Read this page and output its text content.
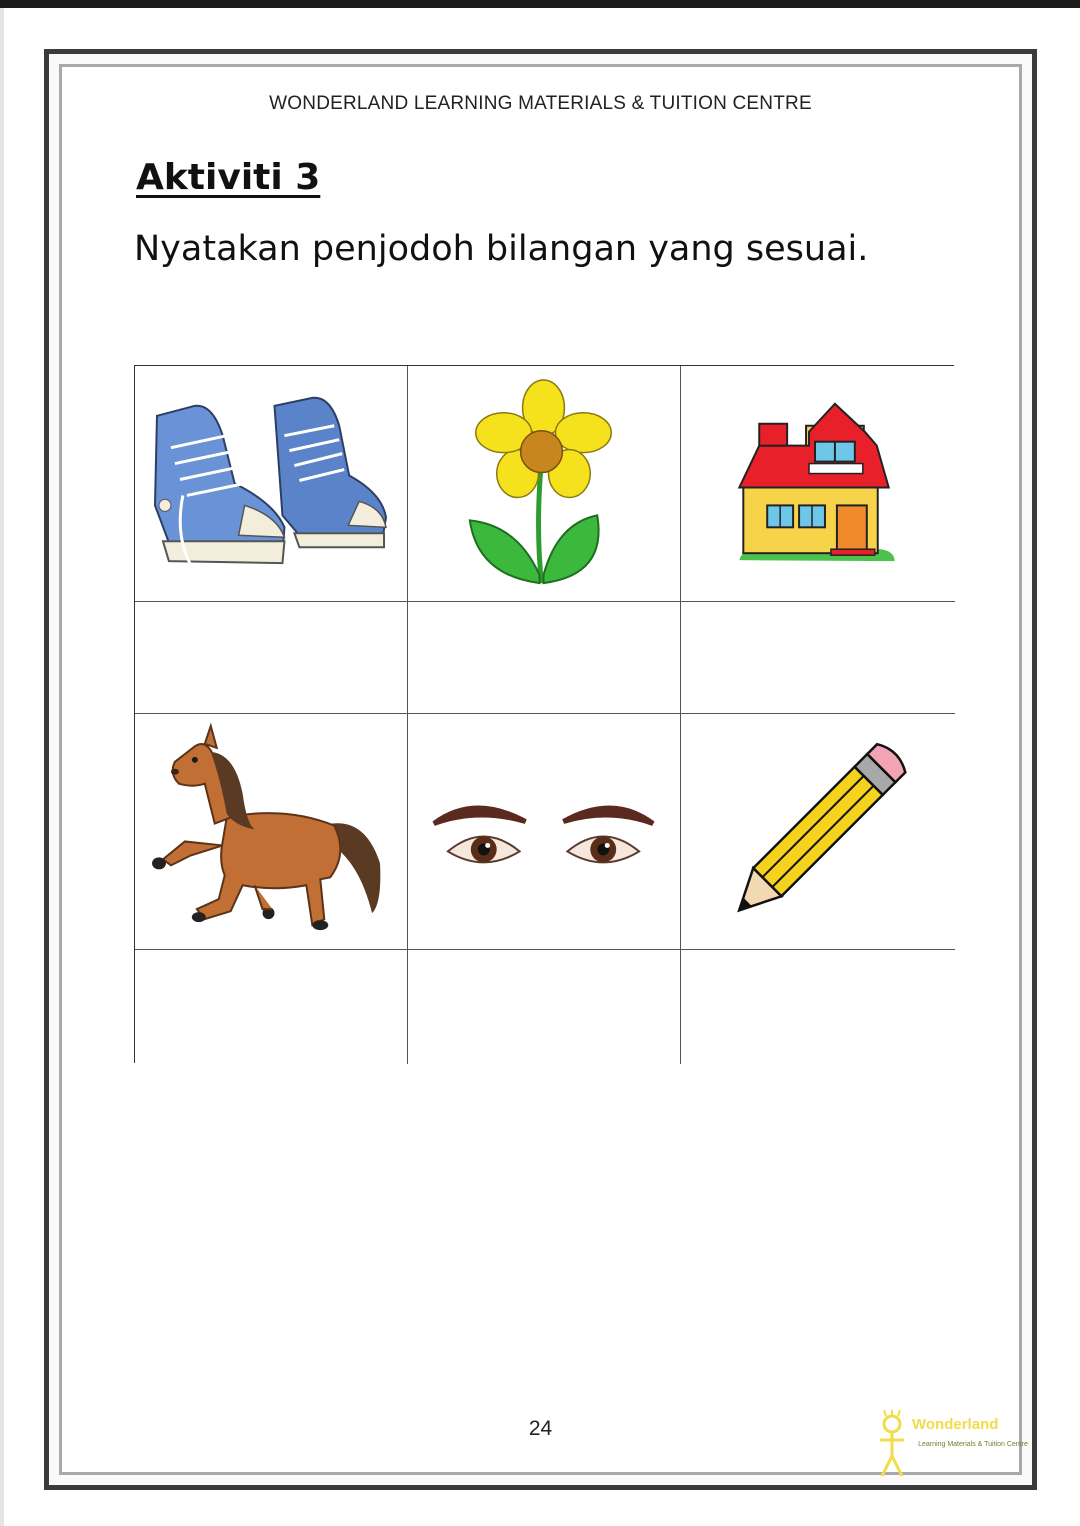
WONDERLAND LEARNING MATERIALS & TUITION CENTRE
Aktiviti 3
Nyatakan penjodoh bilangan yang sesuai.
24	Wonderland
Learning Materials & Tuition Centre
